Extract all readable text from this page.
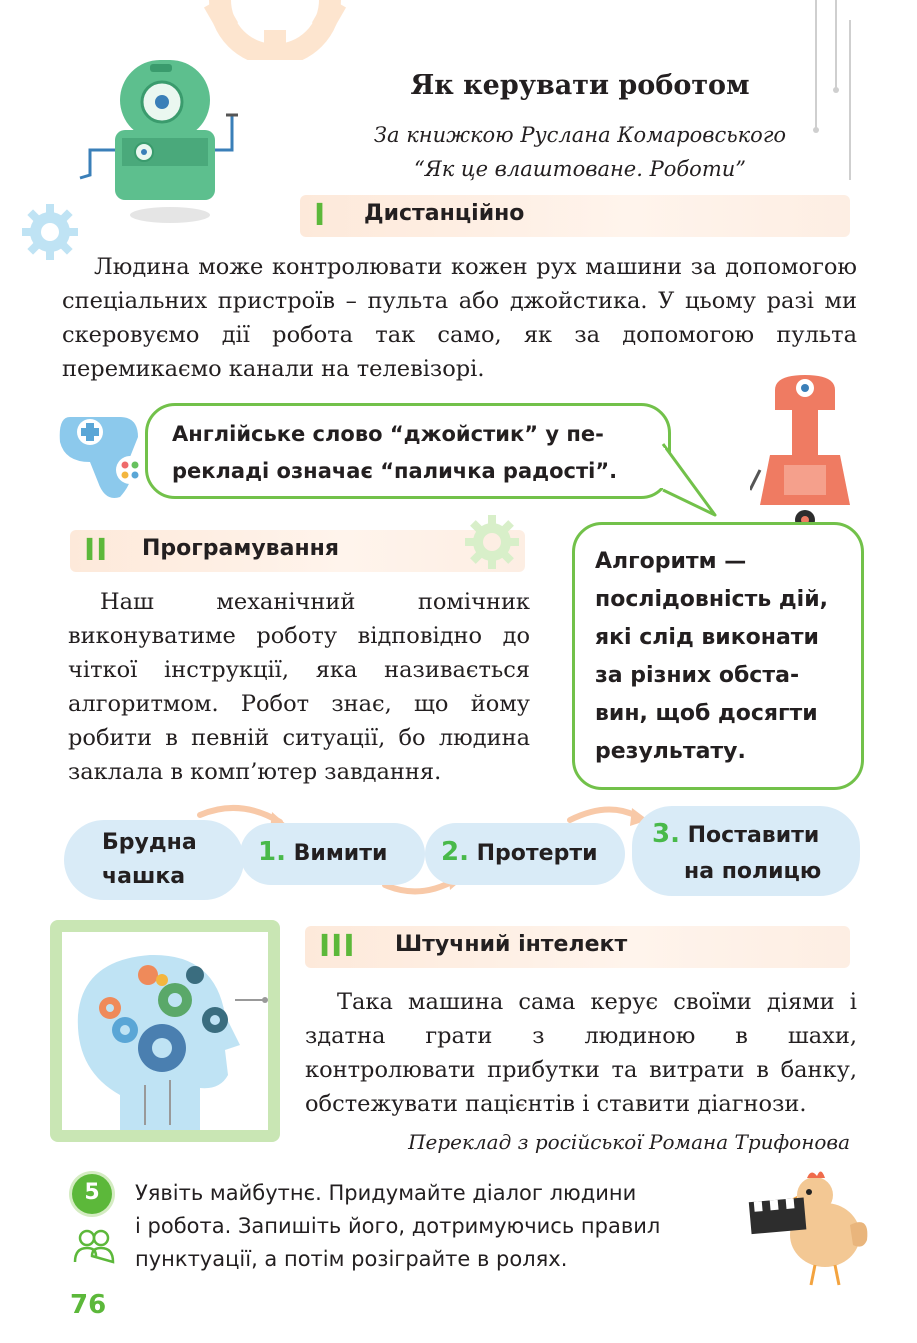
Як керувати роботом
За книжкою Руслана Комаровського
“Як це влаштоване. Роботи”
I Дистанційно

Людина може контролювати кожен рух машини за допомогою спеціальних пристроїв – пульта або джойстика. У цьому разі ми скеровуємо дії робота так само, як за допомогою пульта перемикаємо канали на телевізорі.

Англійське слово “джойстик” у пе-
рекладі означає “паличка радості”.
II Програмування

Наш механічний помічник виконуватиме роботу відповідно до чіткої інструкції, яка називається алгоритмом. Робот знає, що йому робити в певній ситуації, бо людина заклала в комп’ютер завдання.

Алгоритм —
послідовність дій,
які слід виконати
за різних обста-
вин, щоб досягти
результату.
Брудна
чашка
1. Вимити 2. Протерти
3. Поставити
на полицю
III Штучний інтелект

Така машина сама керує своїми діями і здатна грати з людиною в шахи, контролювати прибутки та витрати в банку, обстежувати пацієнтів і ставити діагнози.

Переклад з російської Романа Трифонова
5	Уявіть майбутнє. Придумайте діалог людини
і робота. Запишіть його, дотримуючись правил
пунктуації, а потім розіграйте в ролях.
76
